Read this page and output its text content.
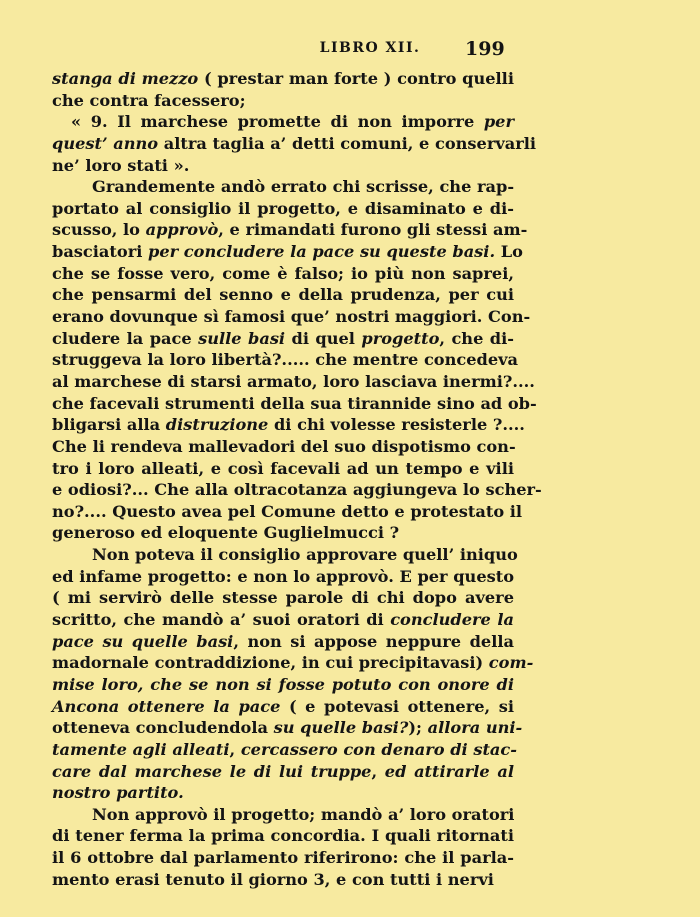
LIBRO XII.	199
stanga di mezzo ( prestar man forte ) contro quelli
che contra facessero;
« 9. Il marchese promette di non imporre per
quest’ anno altra taglia a’ detti comuni, e conservarli
ne’ loro stati ».
Grandemente andò errato chi scrisse, che rap-
portato al consiglio il progetto, e disaminato e di-
scusso, lo approvò, e rimandati furono gli stessi am-
basciatori per concludere la pace su queste basi. Lo
che se fosse vero, come è falso; io più non saprei,
che pensarmi del senno e della prudenza, per cui
erano dovunque sì famosi que’ nostri maggiori. Con-
cludere la pace sulle basi di quel progetto, che di-
struggeva la loro libertà?..... che mentre concedeva
al marchese di starsi armato, loro lasciava inermi?....
che facevali strumenti della sua tirannide sino ad ob-
bligarsi alla distruzione di chi volesse resisterle ?....
Che li rendeva mallevadori del suo dispotismo con-
tro i loro alleati, e così facevali ad un tempo e vili
e odiosi?... Che alla oltracotanza aggiungeva lo scher-
no?.... Questo avea pel Comune detto e protestato il
generoso ed eloquente Guglielmucci ?
Non poteva il consiglio approvare quell’ iniquo
ed infame progetto: e non lo approvò. E per questo
( mi servirò delle stesse parole di chi dopo avere
scritto, che mandò a’ suoi oratori di concludere la
pace su quelle basi, non si appose neppure della
madornale contraddizione, in cui precipitavasi) com-
mise loro, che se non si fosse potuto con onore di
Ancona ottenere la pace ( e potevasi ottenere, si
otteneva concludendola su quelle basi?); allora uni-
tamente agli alleati, cercassero con denaro di stac-
care dal marchese le di lui truppe, ed attirarle al
nostro partito.
Non approvò il progetto; mandò a’ loro oratori
di tener ferma la prima concordia. I quali ritornati
il 6 ottobre dal parlamento riferirono: che il parla-
mento erasi tenuto il giorno 3, e con tutti i nervi
